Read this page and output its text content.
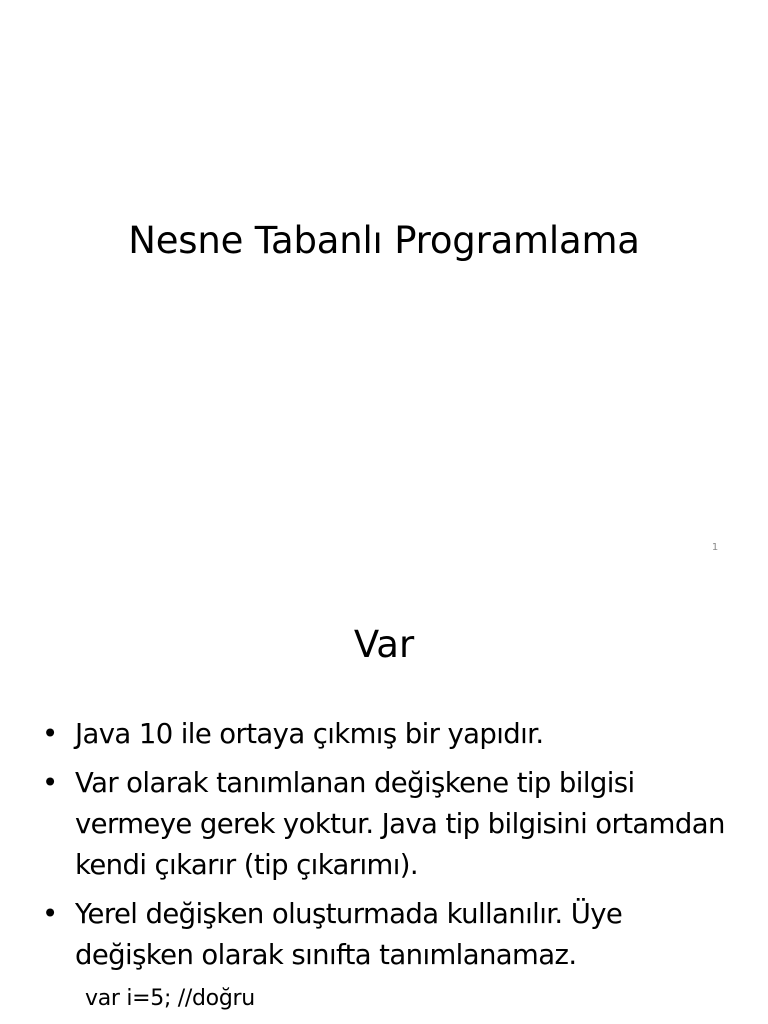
Nesne Tabanlı Programlama
1
Var
• Java 10 ile ortaya çıkmış bir yapıdır.
• Var olarak tanımlanan değişkene tip bilgisi vermeye gerek yoktur. Java tip bilgisini ortamdan kendi çıkarır (tip çıkarımı).
• Yerel değişken oluşturmada kullanılır. Üye değişken olarak sınıfta tanımlanamaz.
var i=5; //doğru
